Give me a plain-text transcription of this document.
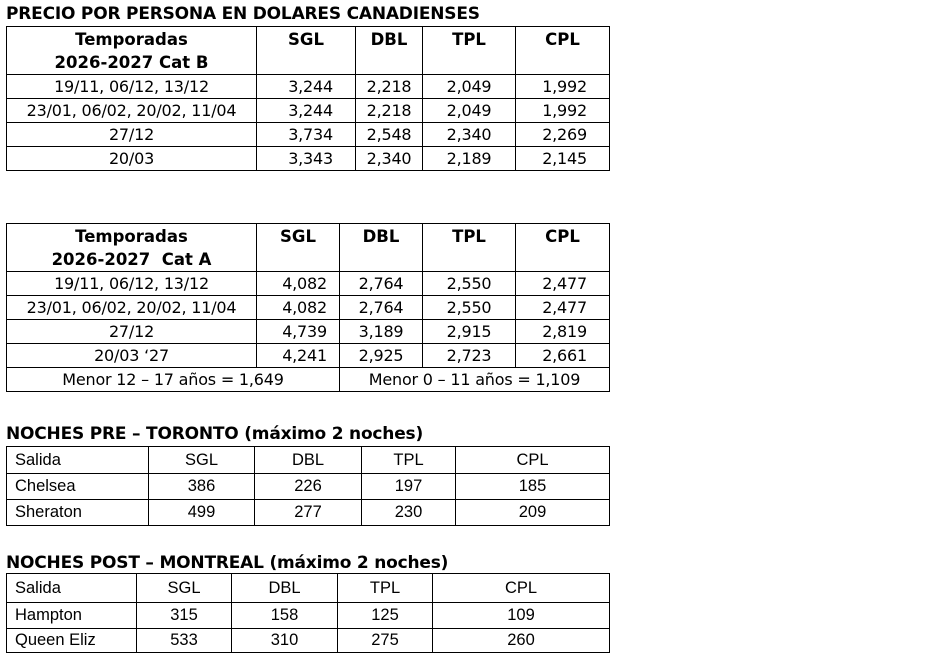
PRECIO POR PERSONA EN DOLARES CANADIENSES
Temporadas
2026-2027 Cat B	SGL	DBL	TPL	CPL
19/11, 06/12, 13/12	3,244	2,218	2,049	1,992
23/01, 06/02, 20/02, 11/04	3,244	2,218	2,049	1,992
27/12	3,734	2,548	2,340	2,269
20/03	3,343	2,340	2,189	2,145
Temporadas
2026-2027  Cat A	SGL	DBL	TPL	CPL
19/11, 06/12, 13/12	4,082	2,764	2,550	2,477
23/01, 06/02, 20/02, 11/04	4,082	2,764	2,550	2,477
27/12	4,739	3,189	2,915	2,819
20/03 ‘27	4,241	2,925	2,723	2,661
Menor 12 – 17 años = 1,649		Menor 0 – 11 años = 1,109		
NOCHES PRE – TORONTO (máximo 2 noches)
Salida	SGL	DBL	TPL	CPL
Chelsea	386	226	197	185
Sheraton	499	277	230	209
NOCHES POST – MONTREAL (máximo 2 noches)
Salida	SGL	DBL	TPL	CPL
Hampton	315	158	125	109
Queen Eliz	533	310	275	260
